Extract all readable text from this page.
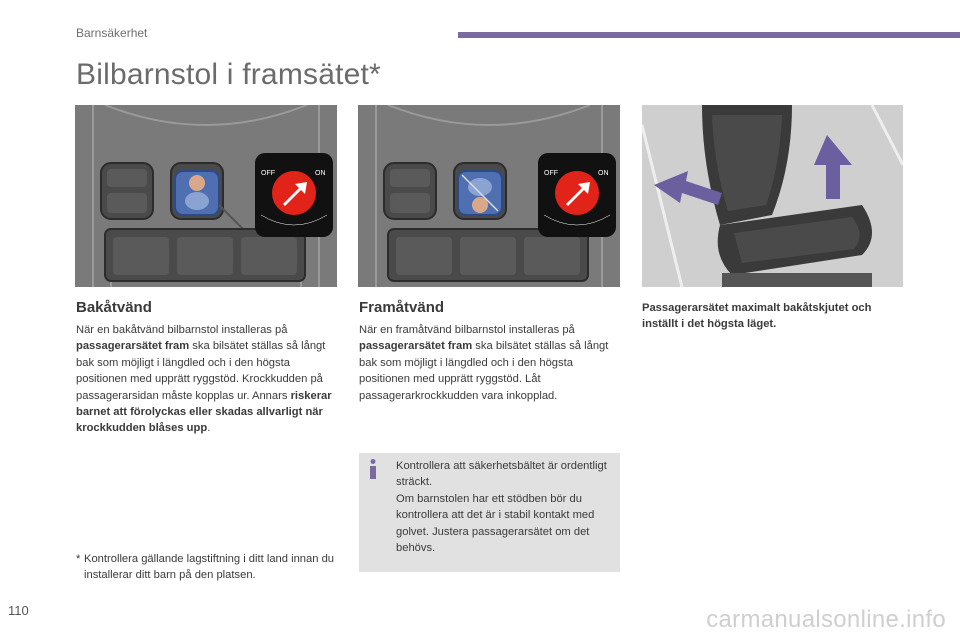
Barnsäkerhet
Bilbarnstol i framsätet*
OFF	ON	OFF	ON
Bakåtvänd	Framåtvänd
När en bakåtvänd bilbarnstol installeras på passagerarsätet fram ska bilsätet ställas så långt bak som möjligt i längdled och i den högsta positionen med upprätt ryggstöd. Krockkudden på passagerarsidan måste kopplas ur. Annars riskerar barnet att förolyckas eller skadas allvarligt när krockkudden blåses upp.
När en framåtvänd bilbarnstol installeras på passagerarsätet fram ska bilsätet ställas så långt bak som möjligt i längdled och i den högsta positionen med upprätt ryggstöd. Låt passagerarkrockkudden vara inkopplad.
Passagerarsätet maximalt bakåtskjutet och inställt i det högsta läget.
Kontrollera att säkerhetsbältet är ordentligt sträckt.
Om barnstolen har ett stödben bör du kontrollera att det är i stabil kontakt med golvet. Justera passagerarsätet om det behövs.
* Kontrollera gällande lagstiftning i ditt land innan du installerar ditt barn på den platsen.
110	carmanualsonline.info
